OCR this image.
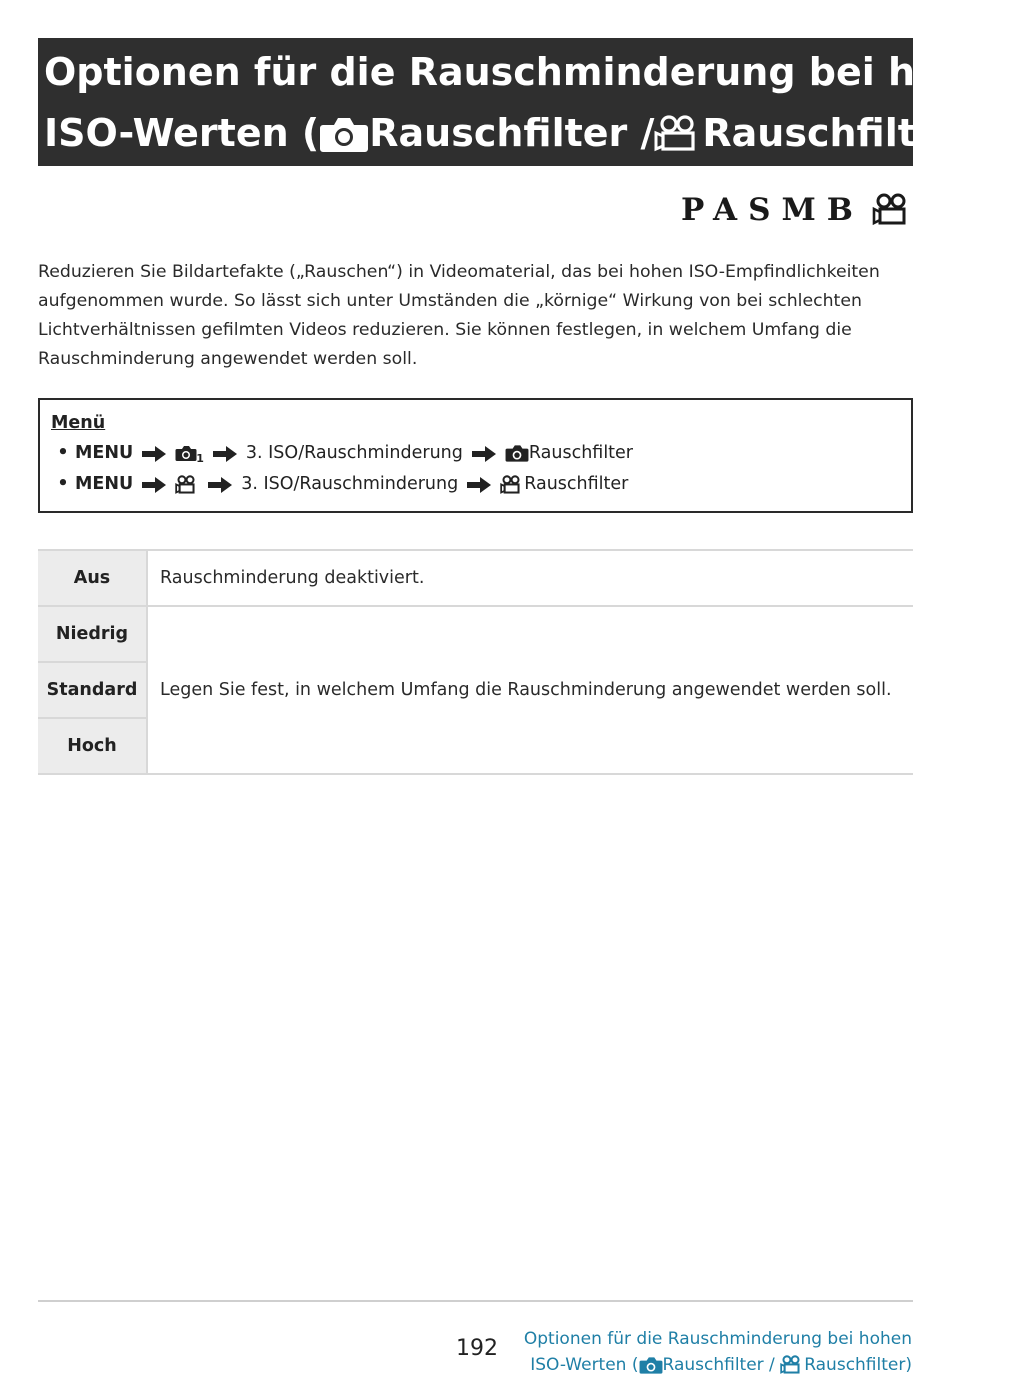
Optionen für die Rauschminderung bei hohen
ISO-Werten ( Rauschfilter / Rauschfilter)
PASMB

Reduzieren Sie Bildartefakte („Rauschen“) in Videomaterial, das bei hohen ISO-Empfindlichkeiten aufgenommen wurde. So lässt sich unter Umständen die „körnige“ Wirkung von bei schlechten Lichtverhältnissen gefilmten Videos reduzieren. Sie können festlegen, in welchem Umfang die Rauschminderung angewendet werden soll.

Menü
• MENU	1 3. ISO/Rauschminderung	Rauschfilter
• MENU	3. ISO/Rauschminderung	Rauschfilter
Aus	Rauschminderung deaktiviert.
Niedrig	Legen Sie fest, in welchem Umfang die Rauschminderung angewendet werden soll.
Standard	
Hoch	
192 Optionen für die Rauschminderung bei hohen
ISO-Werten ( Rauschfilter / Rauschfilter)
